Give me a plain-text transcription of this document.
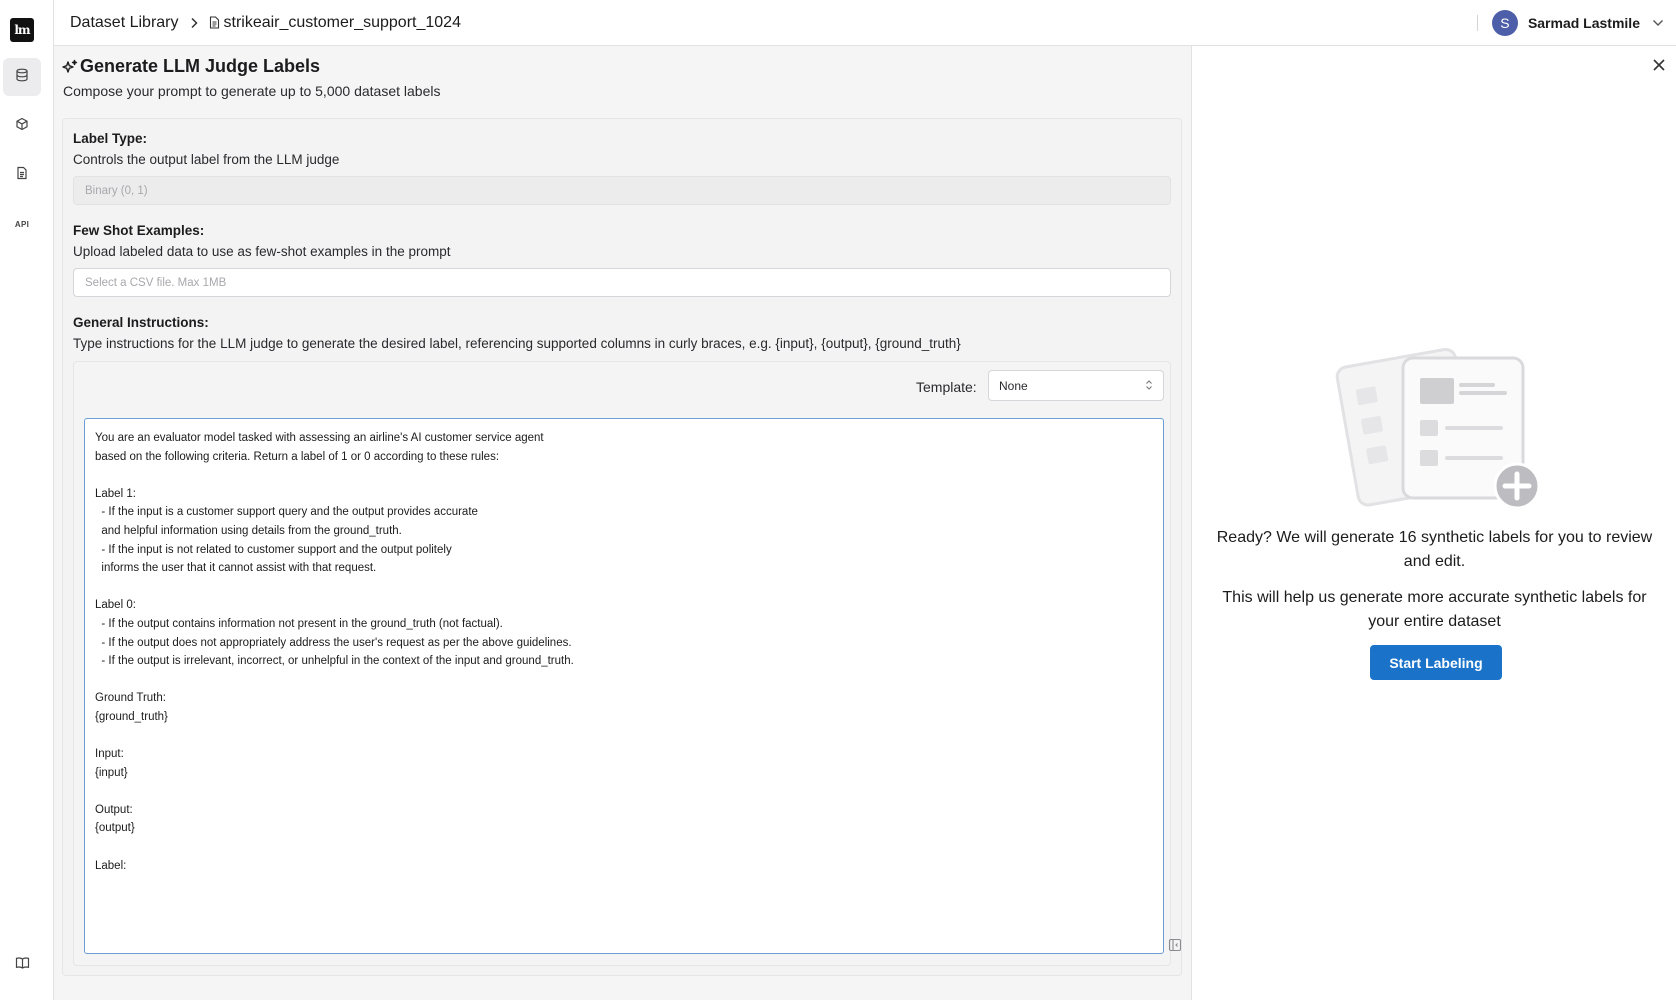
lm
API
Dataset Library	strikeair_customer_support_1024	S	Sarmad Lastmile
Generate LLM Judge Labels

Compose your prompt to generate up to 5,000 dataset labels

Label Type:
Controls the output label from the LLM judge
Binary (0, 1)
Few Shot Examples:
Upload labeled data to use as few-shot examples in the prompt
Select a CSV file. Max 1MB
General Instructions:
Type instructions for the LLM judge to generate the desired label, referencing supported columns in curly braces, e.g. {input}, {output}, {ground_truth}
Template: None
You are an evaluator model tasked with assessing an airline's AI customer service agent based on the following criteria. Return a label of 1 or 0 according to these rules: Label 1: - If the input is a customer support query and the output provides accurate and helpful information using details from the ground_truth. - If the input is not related to customer support and the output politely informs the user that it cannot assist with that request. Label 0: - If the output contains information not present in the ground_truth (not factual). - If the output does not appropriately address the user's request as per the above guidelines. - If the output is irrelevant, incorrect, or unhelpful in the context of the input and ground_truth. Ground Truth: {ground_truth} Input: {input} Output: {output} Label:

Ready? We will generate 16 synthetic labels for you to review and edit.

This will help us generate more accurate synthetic labels for your entire dataset

Start Labeling
